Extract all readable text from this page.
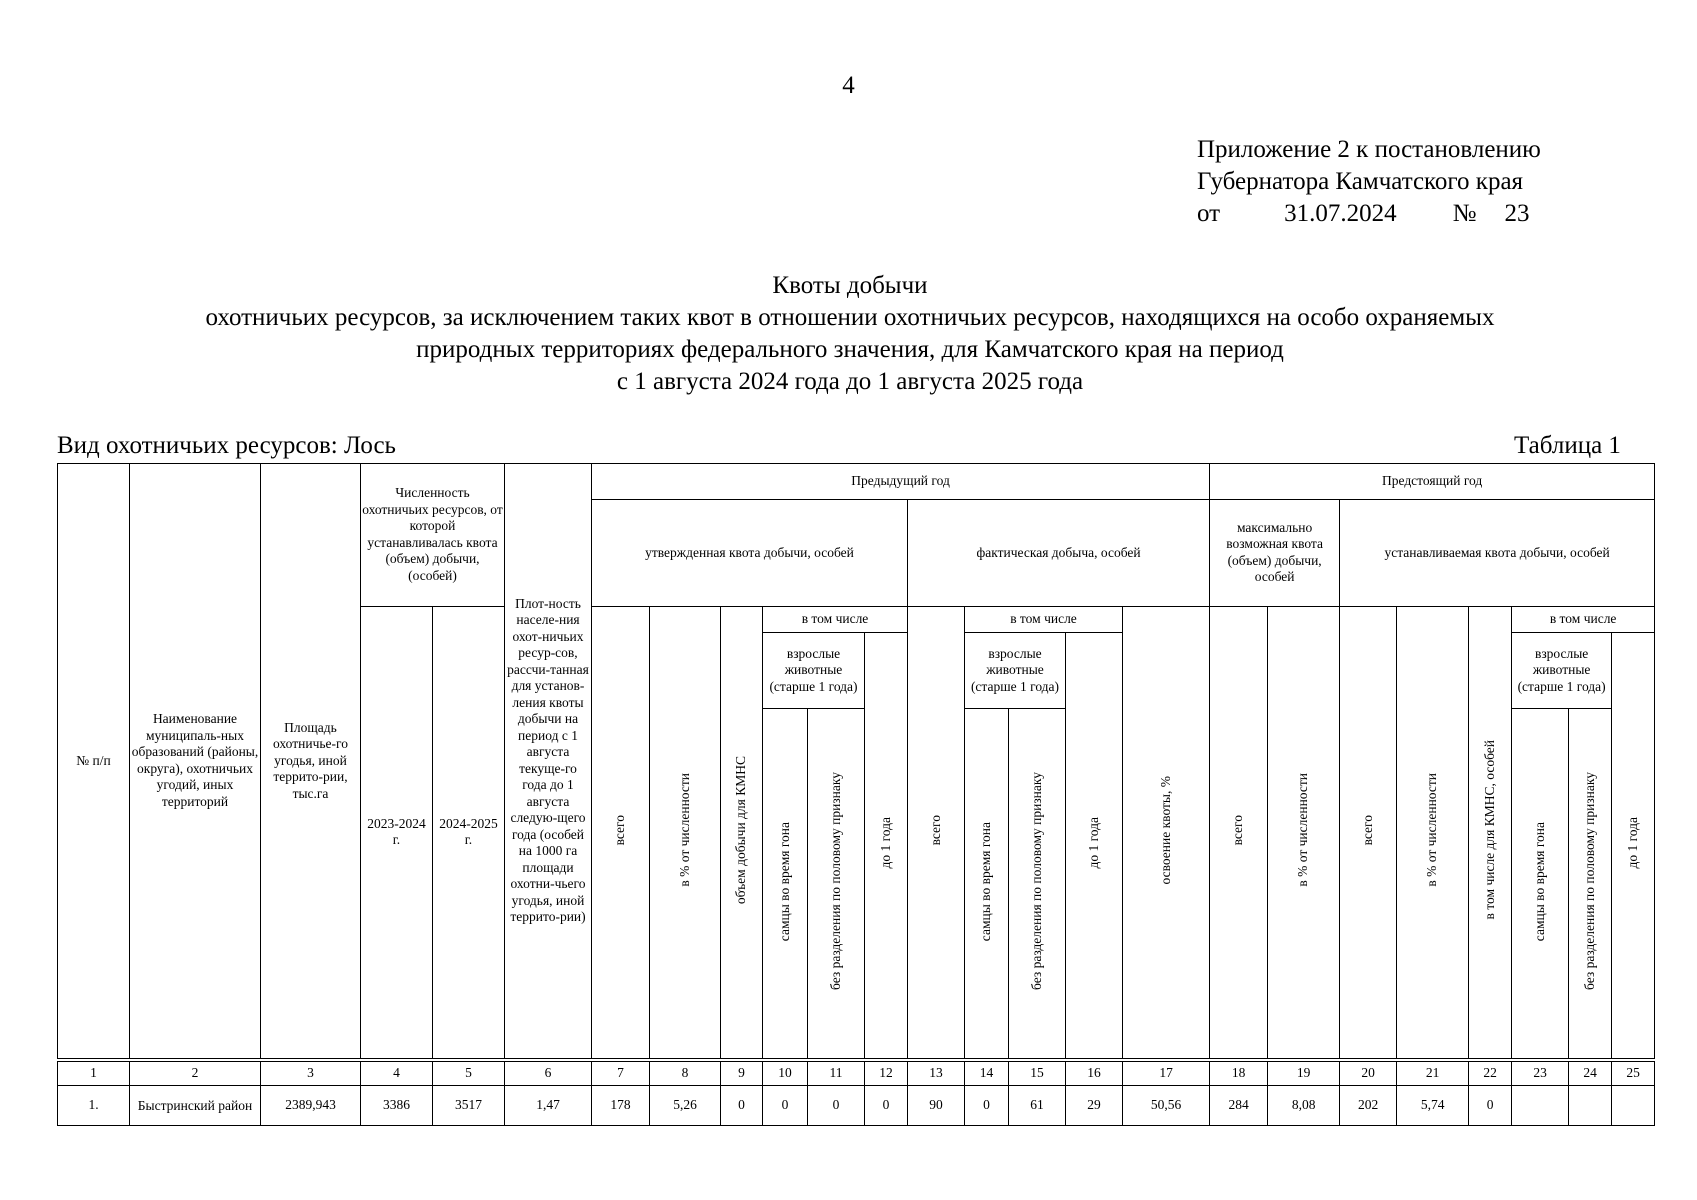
4
Приложение 2 к постановлению
Губернатора Камчатского края
от	31.07.2024 № 23
Квоты добычи
охотничьих ресурсов, за исключением таких квот в отношении охотничьих ресурсов, находящихся на особо охраняемых
природных территориях федерального значения, для Камчатского края на период
с 1 августа 2024 года до 1 августа 2025 года
Вид охотничьих ресурсов: Лось	Таблица 1
№ п/п	Наименование муниципаль-ных образований (районы, округа), охотничьих угодий, иных территорий	Площадь охотничье-го угодья, иной террито-рии, тыс.га	Численность охотничьих ресурсов, от которой устанавливалась квота (объем) добычи, (особей)		Плот-ность населе-ния охот-ничьих ресур-сов, рассчи-танная для установ-ления квоты добычи на период с 1 августа текуще-го года до 1 августа следую-щего года (особей на 1000 га площади охотни-чьего угодья, иной террито-рии)	Предыдущий год											Предстоящий год							
						утвержденная квота добычи, особей						фактическая добыча, особей					максимально возможная квота (объем) добычи, особей		устанавливаемая квота добычи, особей					
			2023-2024 г.	2024-2025 г.		всего	в % от численности	объем добычи для КМНС	в том числе			всего	в том числе			освоение квоты, %	всего	в % от численности	всего	в % от численности	в том числе для КМНС, особей	в том числе		
									взрослые животные (старше 1 года)		до 1 года		взрослые животные (старше 1 года)		до 1 года							взрослые животные (старше 1 года)		до 1 года
									самцы во время гона	без разделения по половому признаку			самцы во время гона	без разделения по половому признаку								самцы во время гона	без разделения по половому признаку	

1	2	3	4	5	6	7	8	9	10	11	12	13	14	15	16	17	18	19	20	21	22	23	24	25
1.	Быстринский район	2389,943	3386	3517	1,47	178	5,26	0	0	0	0	90	0	61	29	50,56	284	8,08	202	5,74	0			
